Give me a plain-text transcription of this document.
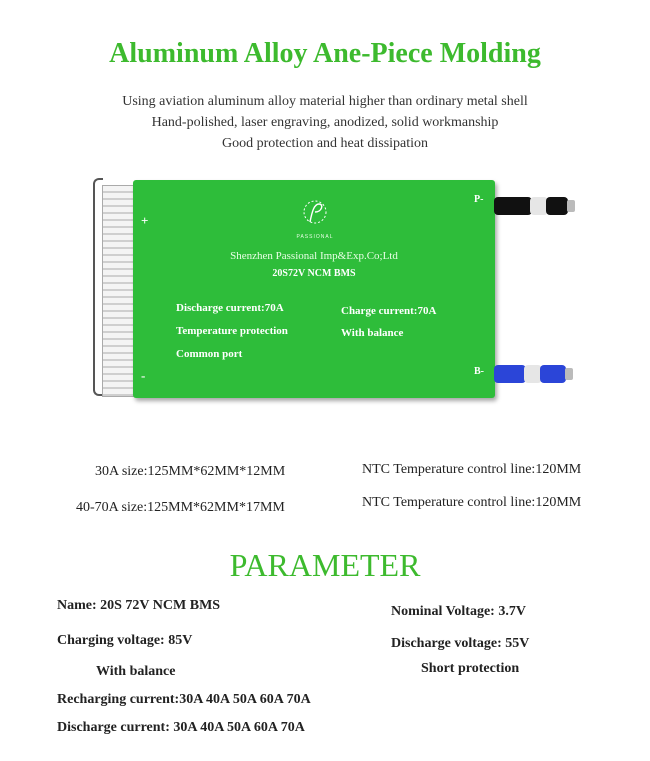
Aluminum Alloy Ane-Piece Molding
Using aviation aluminum alloy material higher than ordinary metal shell
Hand-polished, laser engraving, anodized, solid workmanship
Good protection and heat dissipation
+
-
P-
B-
PASSIONAL
Shenzhen Passional Imp&Exp.Co;Ltd
20S72V NCM BMS
Discharge current:70A	Charge current:70A
Temperature protection	With balance
Common port
30A size:125MM*62MM*12MM	NTC Temperature control line:120MM
40-70A size:125MM*62MM*17MM	NTC Temperature control line:120MM
PARAMETER
Name: 20S 72V NCM BMS	Nominal Voltage: 3.7V
Charging voltage: 85V	Discharge voltage: 55V
With balance	Short protection
Recharging current:30A 40A 50A 60A 70A
Discharge current: 30A 40A 50A 60A 70A
